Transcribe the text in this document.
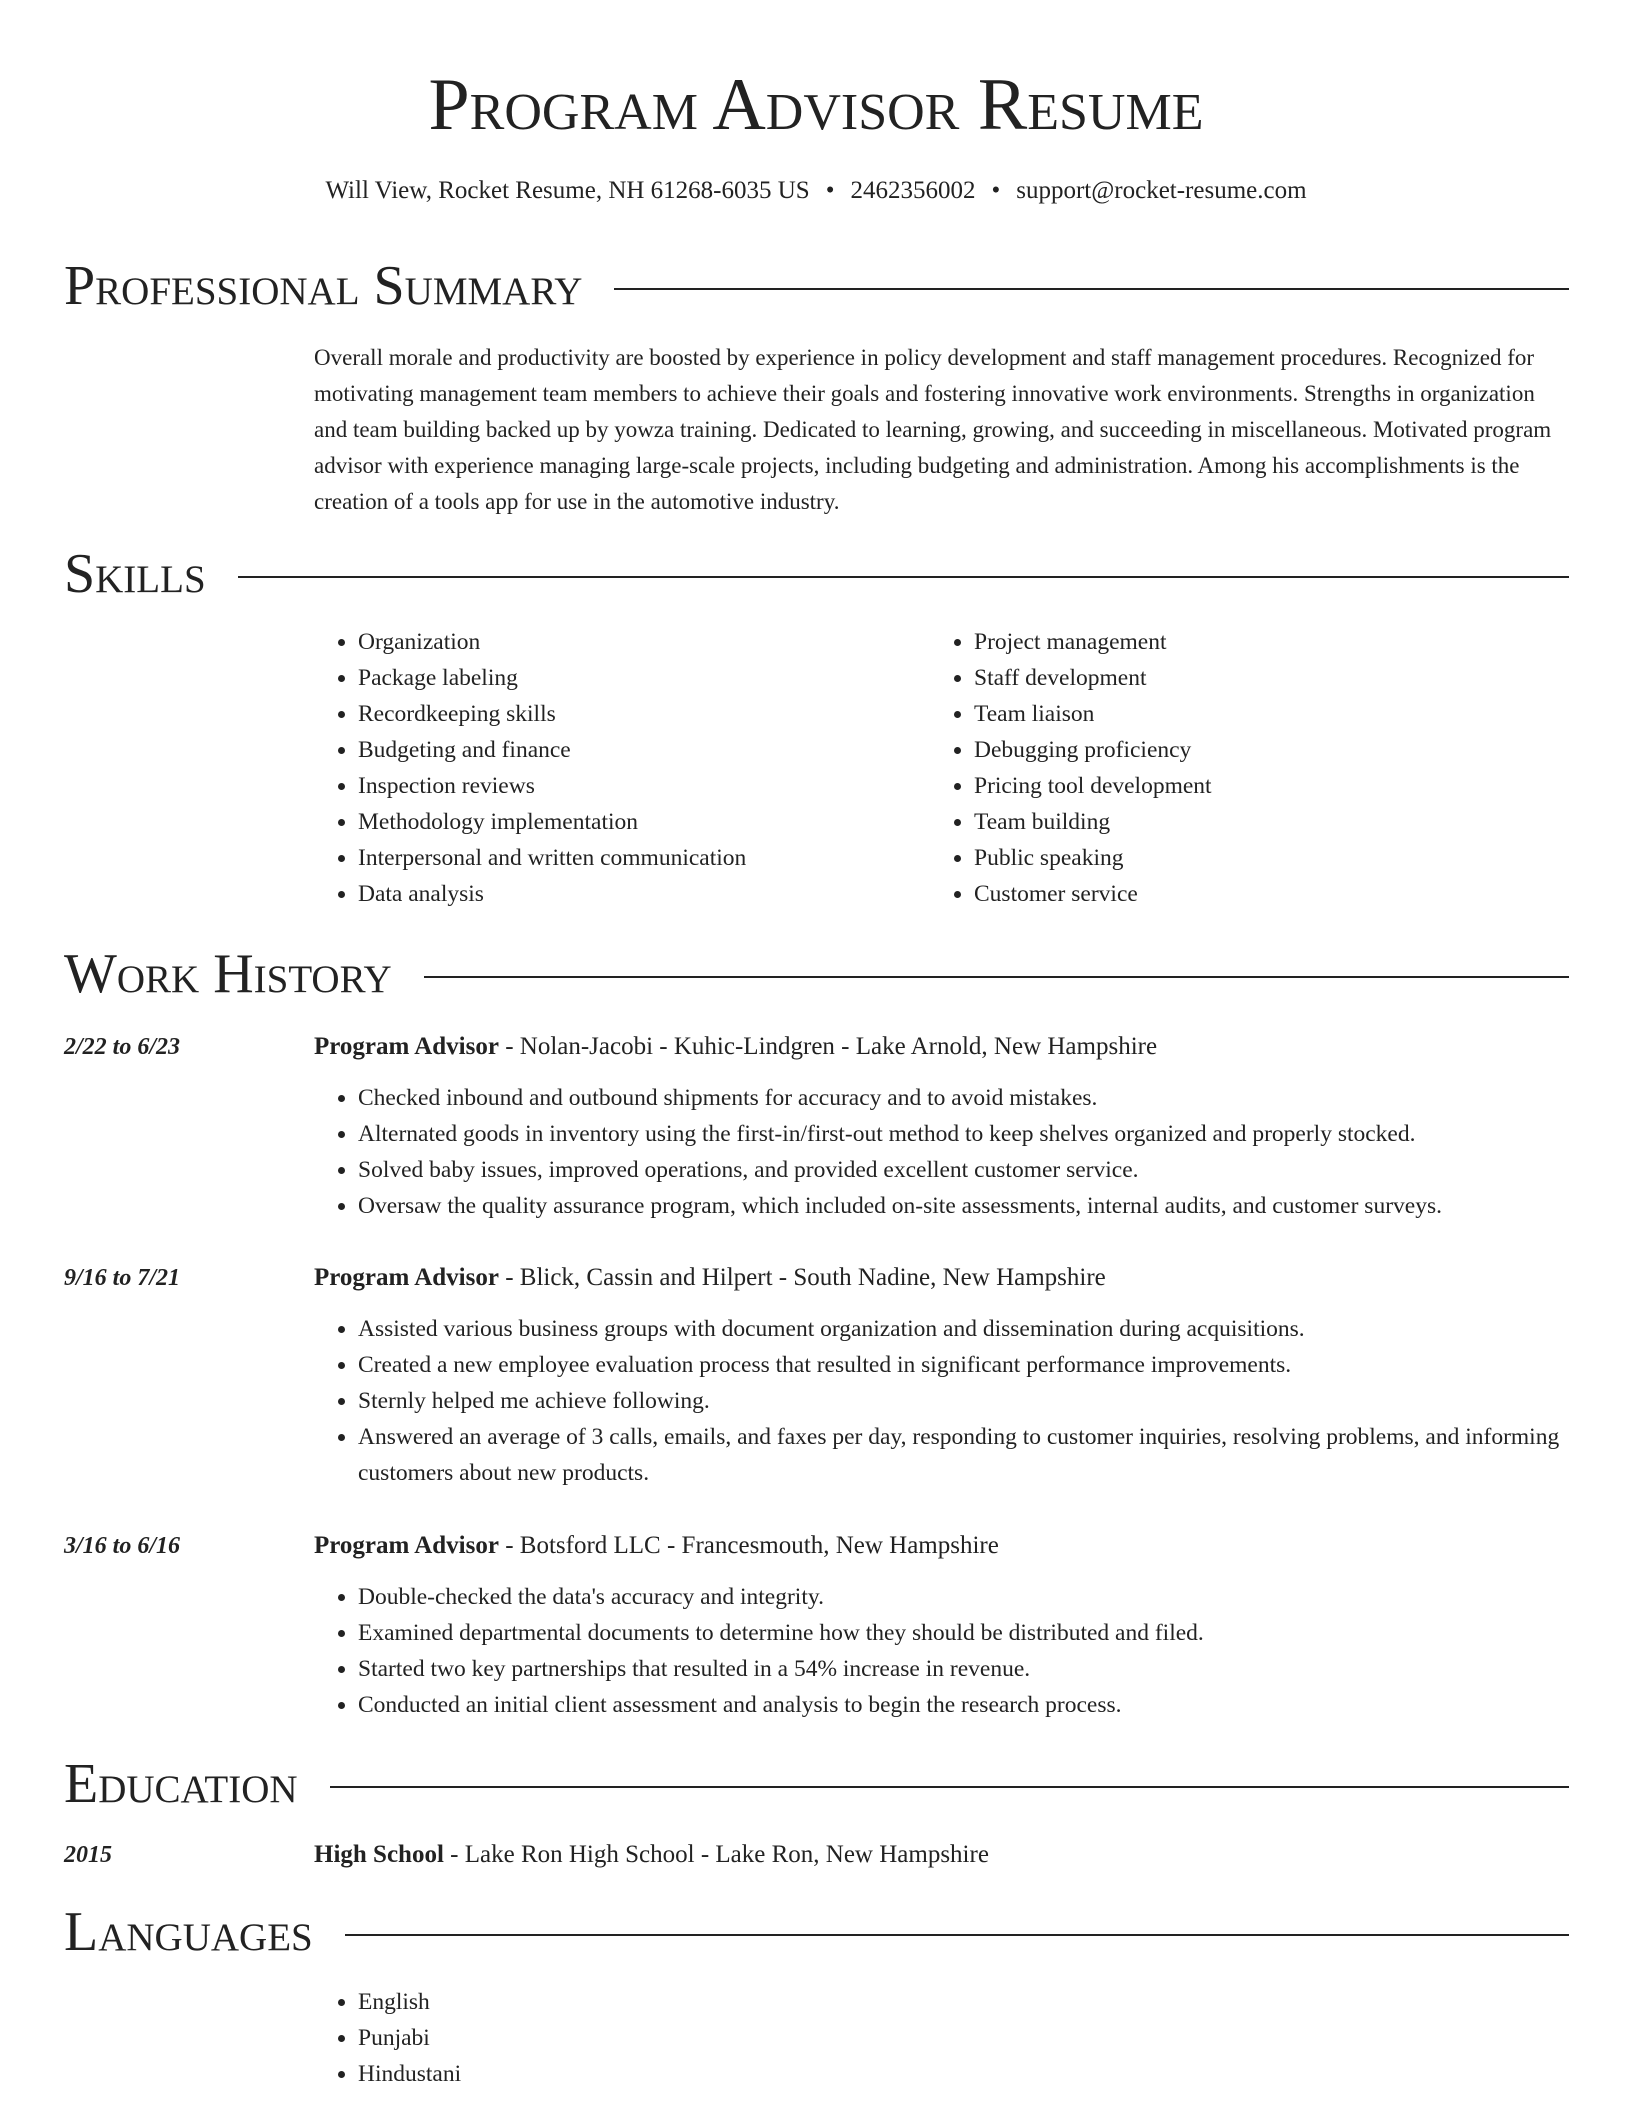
Program Advisor Resume
Will View, Rocket Resume, NH 61268-6035 US • 2462356002 • support@rocket-resume.com
Professional Summary

Overall morale and productivity are boosted by experience in policy development and staff management procedures. Recognized for motivating management team members to achieve their goals and fostering innovative work environments. Strengths in organization and team building backed up by yowza training. Dedicated to learning, growing, and succeeding in miscellaneous. Motivated program advisor with experience managing large-scale projects, including budgeting and administration. Among his accomplishments is the creation of a tools app for use in the automotive industry.

Skills
• Organization
• Package labeling
• Recordkeeping skills
• Budgeting and finance
• Inspection reviews
• Methodology implementation
• Interpersonal and written communication
• Data analysis
• Project management
• Staff development
• Team liaison
• Debugging proficiency
• Pricing tool development
• Team building
• Public speaking
• Customer service
Work History
2/22 to 6/23	Program Advisor - Nolan-Jacobi - Kuhic-Lindgren - Lake Arnold, New Hampshire
• Checked inbound and outbound shipments for accuracy and to avoid mistakes.
• Alternated goods in inventory using the first-in/first-out method to keep shelves organized and properly stocked.
• Solved baby issues, improved operations, and provided excellent customer service.
• Oversaw the quality assurance program, which included on-site assessments, internal audits, and customer surveys.
9/16 to 7/21	Program Advisor - Blick, Cassin and Hilpert - South Nadine, New Hampshire
• Assisted various business groups with document organization and dissemination during acquisitions.
• Created a new employee evaluation process that resulted in significant performance improvements.
• Sternly helped me achieve following.
• Answered an average of 3 calls, emails, and faxes per day, responding to customer inquiries, resolving problems, and informing customers about new products.
3/16 to 6/16	Program Advisor - Botsford LLC - Francesmouth, New Hampshire
• Double-checked the data's accuracy and integrity.
• Examined departmental documents to determine how they should be distributed and filed.
• Started two key partnerships that resulted in a 54% increase in revenue.
• Conducted an initial client assessment and analysis to begin the research process.
Education
2015	High School - Lake Ron High School - Lake Ron, New Hampshire
Languages
• English
• Punjabi
• Hindustani
